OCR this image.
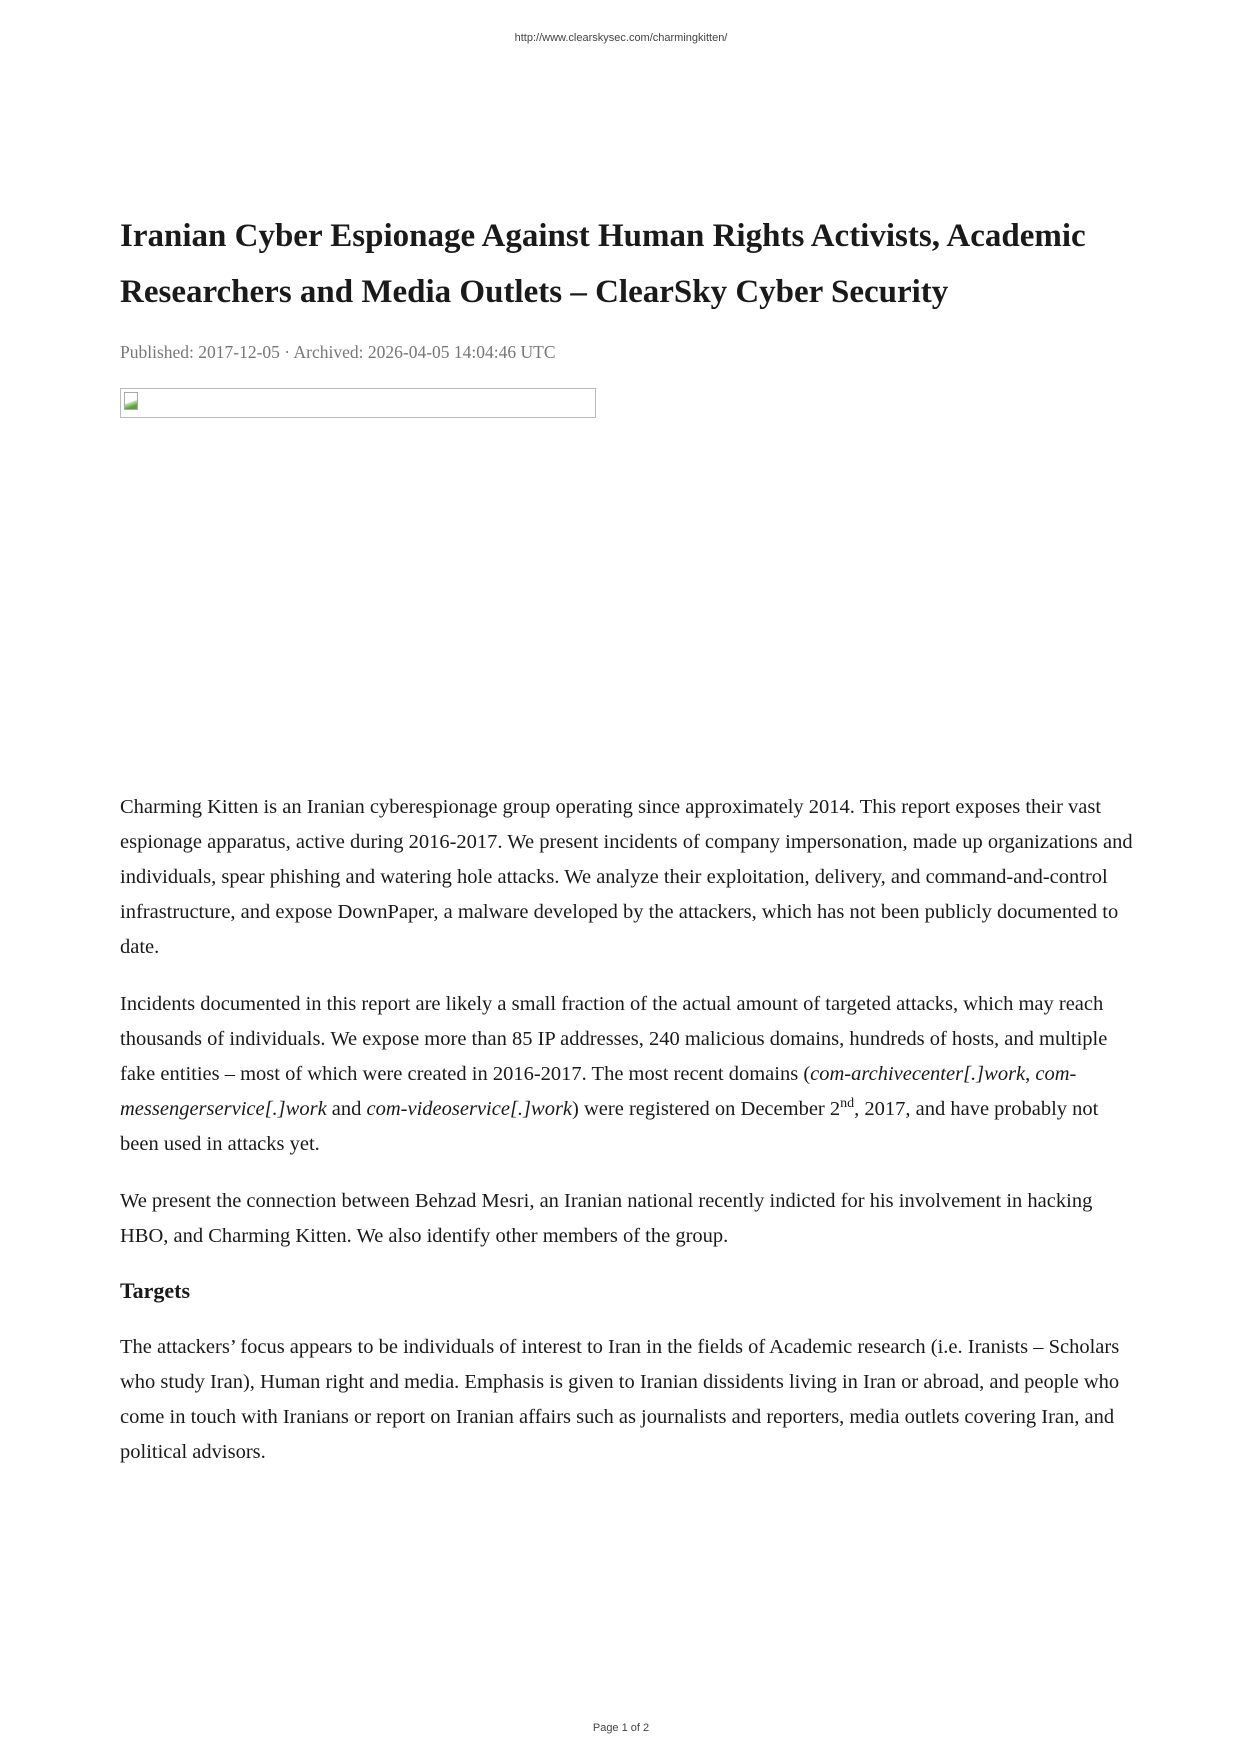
http://www.clearskysec.com/charmingkitten/
Iranian Cyber Espionage Against Human Rights Activists, Academic Researchers and Media Outlets – ClearSky Cyber Security
Published: 2017-12-05 · Archived: 2026-04-05 14:04:46 UTC

Charming Kitten is an Iranian cyberespionage group operating since approximately 2014. This report exposes their vast espionage apparatus, active during 2016-2017. We present incidents of company impersonation, made up organizations and individuals, spear phishing and watering hole attacks. We analyze their exploitation, delivery, and command-and-control infrastructure, and expose DownPaper, a malware developed by the attackers, which has not been publicly documented to date.

Incidents documented in this report are likely a small fraction of the actual amount of targeted attacks, which may reach thousands of individuals. We expose more than 85 IP addresses, 240 malicious domains, hundreds of hosts, and multiple fake entities – most of which were created in 2016-2017. The most recent domains (com-archivecenter[.]work, com-messengerservice[.]work and com-videoservice[.]work) were registered on December 2nd, 2017, and have probably not been used in attacks yet.

We present the connection between Behzad Mesri, an Iranian national recently indicted for his involvement in hacking HBO, and Charming Kitten. We also identify other members of the group.

Targets

The attackers’ focus appears to be individuals of interest to Iran in the fields of Academic research (i.e. Iranists – Scholars who study Iran), Human right and media. Emphasis is given to Iranian dissidents living in Iran or abroad, and people who come in touch with Iranians or report on Iranian affairs such as journalists and reporters, media outlets covering Iran, and political advisors.

Page 1 of 2
